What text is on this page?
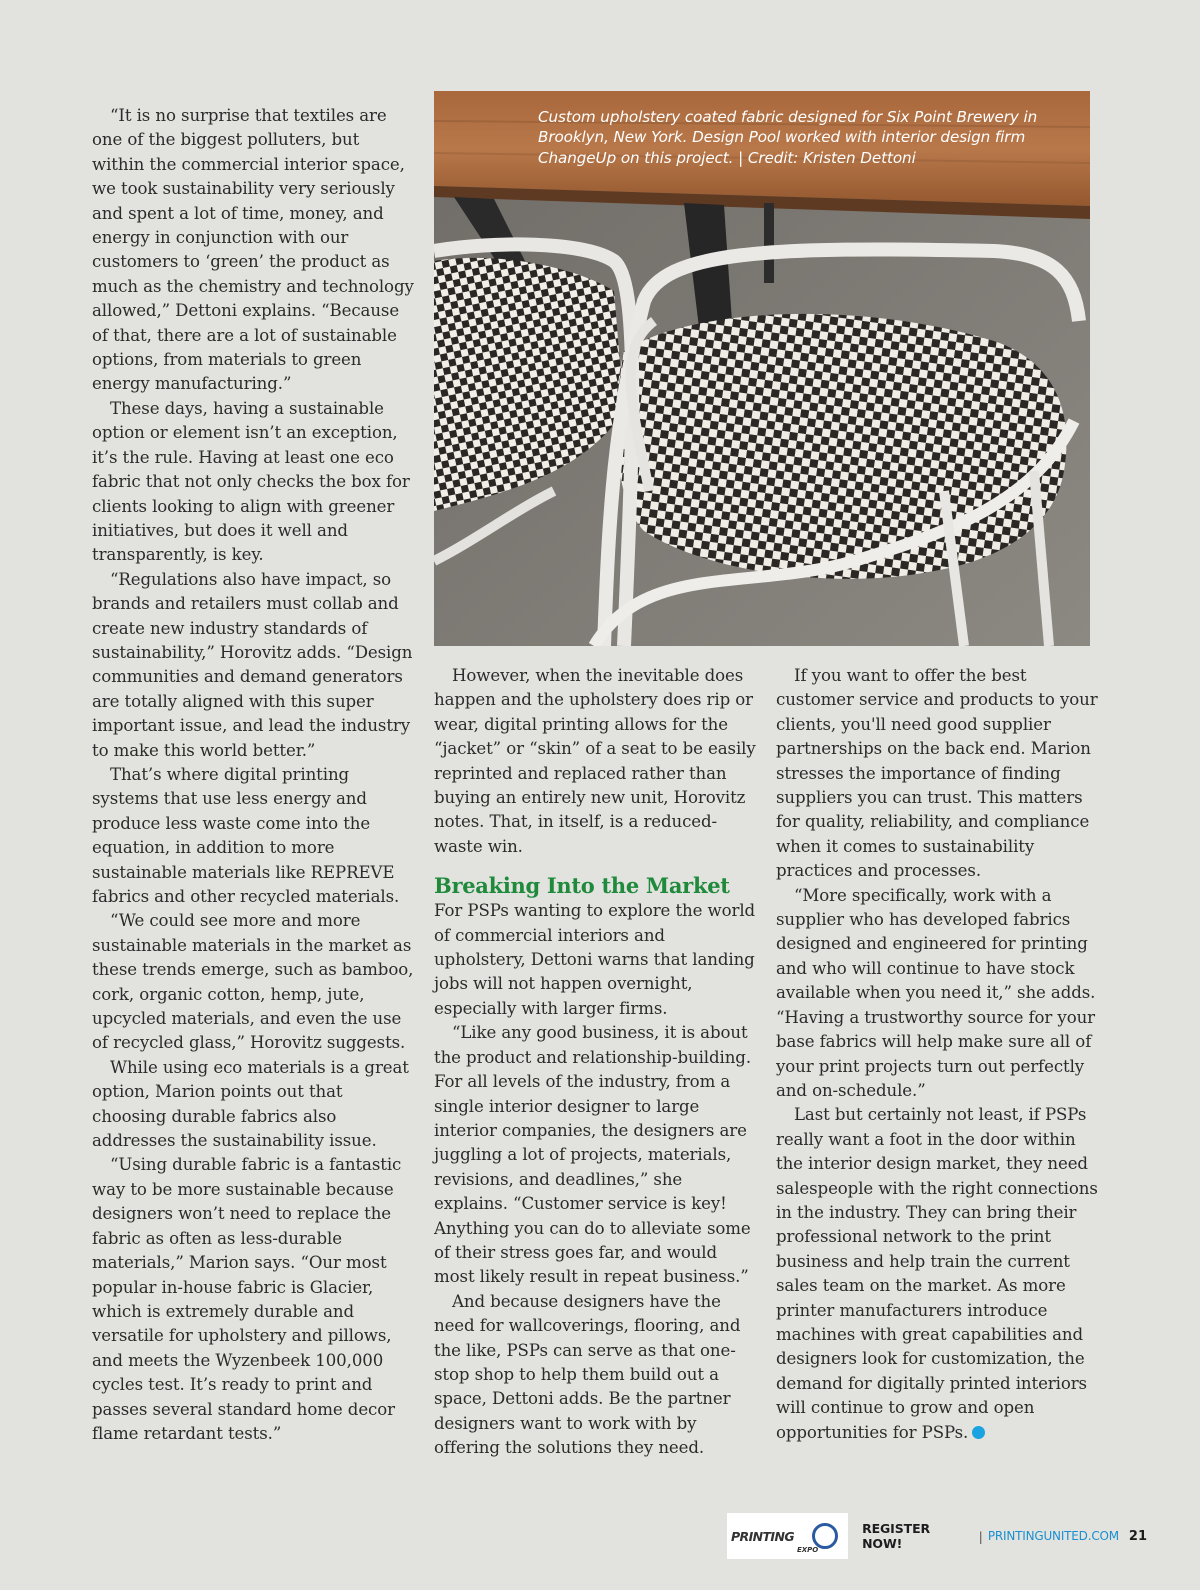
“It is no surprise that textiles are one of the biggest polluters, but within the commercial interior space, we took sustainability very seriously and spent a lot of time, money, and energy in conjunction with our customers to ‘green’ the product as much as the chemistry and technology allowed,” Dettoni explains. “Because of that, there are a lot of sustainable options, from materials to green energy manufacturing.”

These days, having a sustainable option or element isn’t an exception, it’s the rule. Having at least one eco fabric that not only checks the box for clients looking to align with greener initiatives, but does it well and transparently, is key.

“Regulations also have impact, so brands and retailers must collab and create new industry standards of sustainability,” Horovitz adds. “Design communities and demand generators are totally aligned with this super important issue, and lead the industry to make this world better.”

That’s where digital printing systems that use less energy and produce less waste come into the equation, in addition to more sustainable materials like REPREVE fabrics and other recycled materials.

“We could see more and more sustainable materials in the market as these trends emerge, such as bamboo, cork, organic cotton, hemp, jute, upcycled materials, and even the use of recycled glass,” Horovitz suggests.

While using eco materials is a great option, Marion points out that choosing durable fabrics also addresses the sustainability issue.

“Using durable fabric is a fantastic way to be more sustainable because designers won’t need to replace the fabric as often as less-durable materials,” Marion says. “Our most popular in-house fabric is Glacier, which is extremely durable and versatile for upholstery and pillows, and meets the Wyzenbeek 100,000 cycles test. It’s ready to print and passes several standard home decor flame retardant tests.”

Custom upholstery coated fabric designed for Six Point Brewery in Brooklyn, New York. Design Pool worked with interior design firm ChangeUp on this project. | Credit: Kristen Dettoni

However, when the inevitable does happen and the upholstery does rip or wear, digital printing allows for the “jacket” or “skin” of a seat to be easily reprinted and replaced rather than buying an entirely new unit, Horovitz notes. That, in itself, is a reduced-waste win.

Breaking Into the Market

For PSPs wanting to explore the world of commercial interiors and upholstery, Dettoni warns that landing jobs will not happen overnight, especially with larger firms.

“Like any good business, it is about the product and relationship-building. For all levels of the industry, from a single interior designer to large interior companies, the designers are juggling a lot of projects, materials, revisions, and deadlines,” she explains. “Customer service is key! Anything you can do to alleviate some of their stress goes far, and would most likely result in repeat business.”

And because designers have the need for wallcoverings, flooring, and the like, PSPs can serve as that one-stop shop to help them build out a space, Dettoni adds. Be the partner designers want to work with by offering the solutions they need.

If you want to offer the best customer service and products to your clients, you'll need good supplier partnerships on the back end. Marion stresses the importance of finding suppliers you can trust. This matters for quality, reliability, and compliance when it comes to sustainability practices and processes.

“More specifically, work with a supplier who has developed fabrics designed and engineered for printing and who will continue to have stock available when you need it,” she adds. “Having a trustworthy source for your base fabrics will help make sure all of your print projects turn out perfectly and on-schedule.”

Last but certainly not least, if PSPs really want a foot in the door within the interior design market, they need salespeople with the right connections in the industry. They can bring their professional network to the print business and help train the current sales team on the market. As more printer manufacturers introduce machines with great capabilities and designers look for customization, the demand for digitally printed interiors will continue to grow and open opportunities for PSPs.

PRINTING
EXPO
REGISTER NOW!	| PRINTINGUNITED.COM 21
